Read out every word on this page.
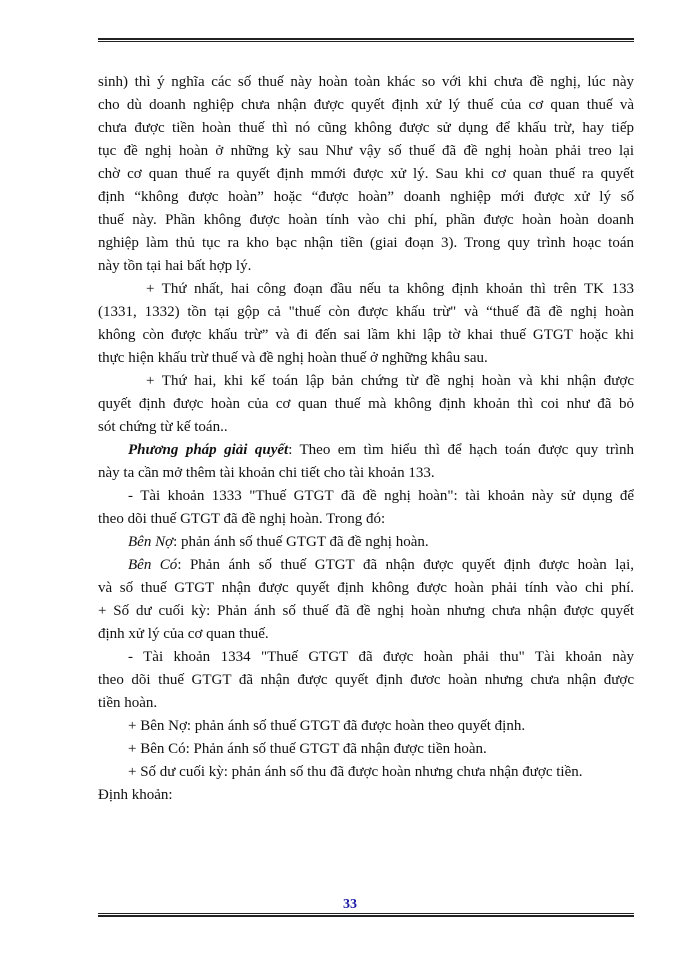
sinh) thì ý nghĩa các số thuế này hoàn toàn khác so với khi chưa đề nghị, lúc này
cho dù doanh nghiệp chưa nhận được quyết định xử lý thuế của cơ quan thuế và
chưa được tiền hoàn thuế thì nó cũng không được sử dụng để khấu trừ, hay tiếp
tục đề nghị hoàn ở những kỳ sau Như vậy số thuế đã đề nghị hoàn phải treo lại
chờ cơ quan thuế ra quyết định mmới được xử lý. Sau khi cơ quan thuế ra quyết
định “không được hoàn” hoặc “được hoàn” doanh nghiệp mới được xử lý số
thuế này. Phần không được hoàn tính vào chi phí, phần được hoàn hoàn doanh
nghiệp làm thủ tục ra kho bạc nhận tiền (giai đoạn 3). Trong quy trình hoạc toán
này tồn tại hai bất hợp lý.
+ Thứ nhất, hai công đoạn đầu nếu ta không định khoản thì trên TK 133
(1331, 1332) tồn tại gộp cả "thuế còn được khấu trừ" và “thuế đã đề nghị hoàn
không còn được khấu trừ” và đi đến sai lầm khi lập tờ khai thuế GTGT hoặc khi
thực hiện khấu trừ thuế và đề nghị hoàn thuế ở nghững khâu sau.
+ Thứ hai, khi kế toán lập bản chứng từ đề nghị hoàn và khi nhận được
quyết định được hoàn của cơ quan thuế mà không định khoản thì coi như đã bỏ
sót chứng từ kế toán..
Phương pháp giải quyết: Theo em tìm hiểu thì để hạch toán được quy trình
này ta cần mở thêm tài khoản chi tiết cho tài khoản 133.
- Tài khoản 1333 "Thuế GTGT đã đề nghị hoàn": tài khoản này sử dụng để
theo dõi thuế GTGT đã đề nghị hoàn. Trong đó:
Bên Nợ: phản ánh số thuế GTGT đã đề nghị hoàn.
Bên Có: Phản ánh số thuế GTGT đã nhận được quyết định được hoàn lại,
và số thuế GTGT nhận được quyết định không được hoàn phải tính vào chi phí.
+ Số dư cuối kỳ: Phản ánh số thuế đã đề nghị hoàn nhưng chưa nhận được quyết
định xử lý của cơ quan thuế.
- Tài khoản 1334 "Thuế GTGT đã được hoàn phải thu" Tài khoản này
theo dõi thuế GTGT đã nhận được quyết định đươc hoàn nhưng chưa nhận được
tiền hoàn.
+ Bên Nợ: phản ánh số thuế GTGT đã được hoàn theo quyết định.
+ Bên Có: Phản ánh số thuế GTGT đã nhận được tiền hoàn.
+ Số dư cuối kỳ: phản ánh số thu đã được hoàn nhưng chưa nhận được tiền.
Định khoản:
33
